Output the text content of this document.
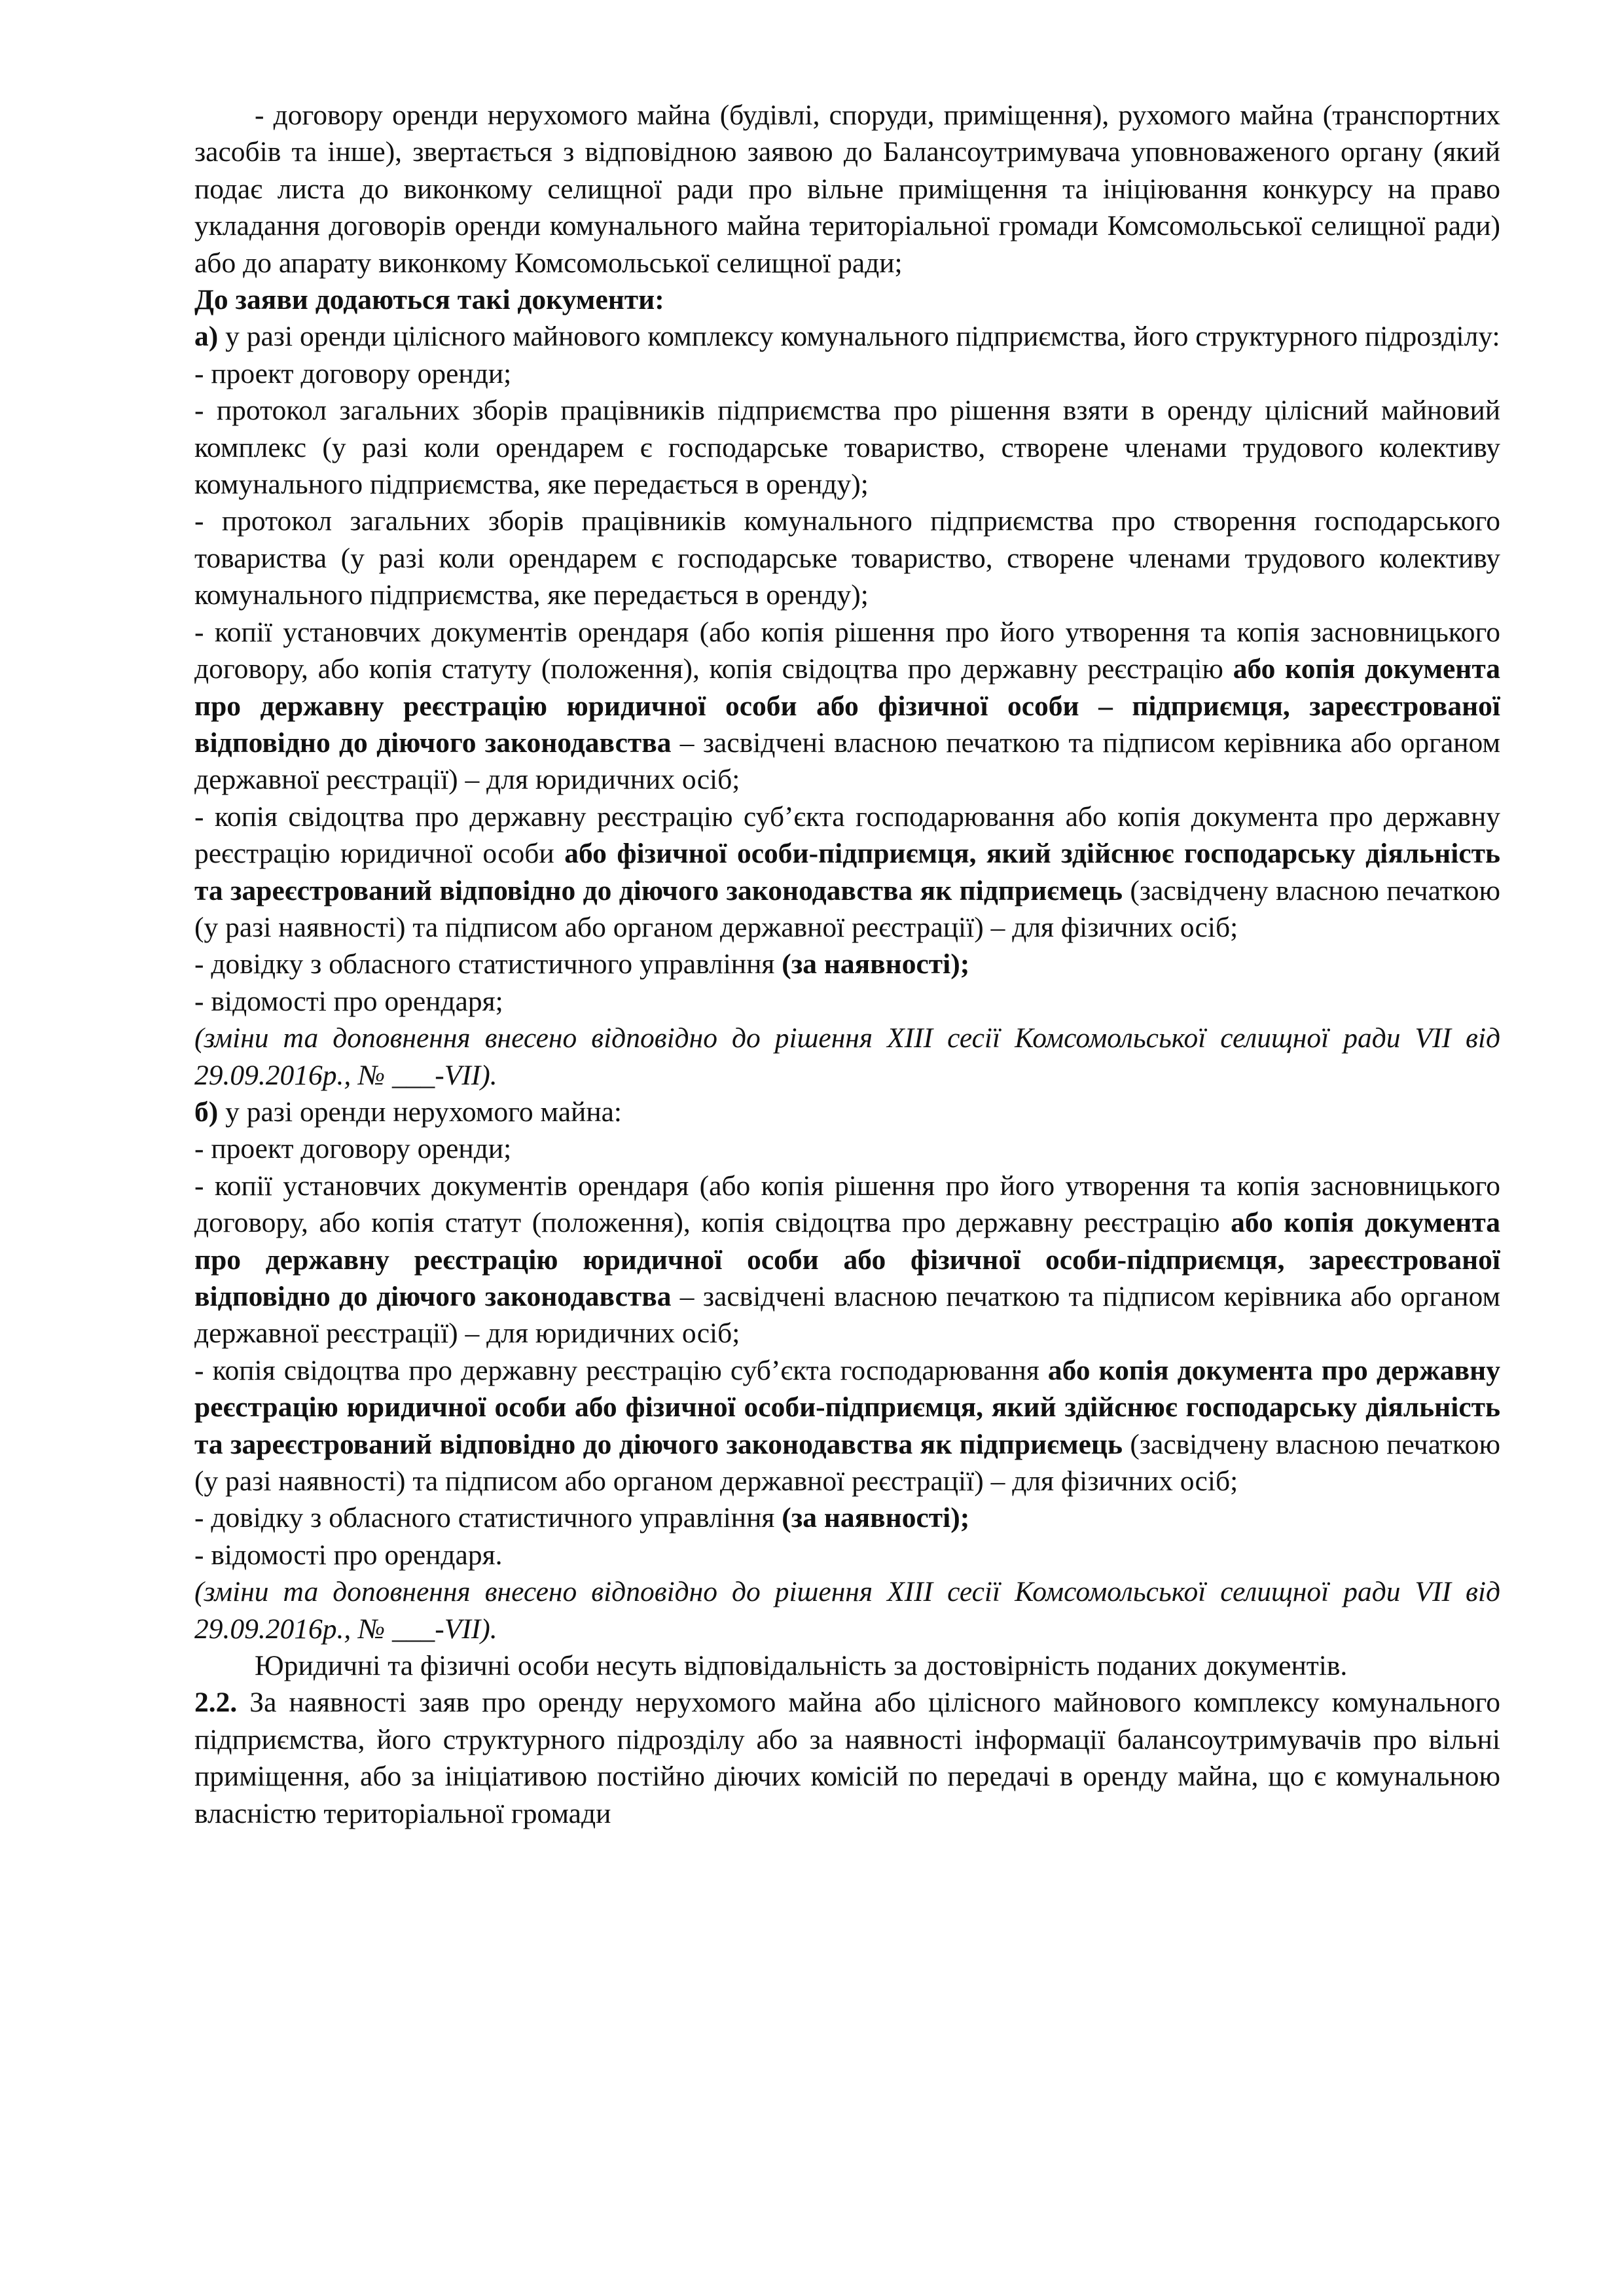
- договору оренди нерухомого майна (будівлі, споруди, приміщення), рухомого майна (транспортних засобів та інше), звертається з відповідною заявою до Балансоутримувача уповноваженого органу (який подає листа до виконкому селищної ради про вільне приміщення та ініціювання конкурсу на право укладання договорів оренди комунального майна територіальної громади Комсомольської селищної ради) або до апарату виконкому Комсомольської селищної ради;

До заяви додаються такі документи:

а) у разі оренди цілісного майнового комплексу комунального підприємства, його структурного підрозділу:

- проект договору оренди;

- протокол загальних зборів працівників підприємства про рішення взяти в оренду цілісний майновий комплекс (у разі коли орендарем є господарське товариство, створене членами трудового колективу комунального підприємства, яке передається в оренду);

- протокол загальних зборів працівників комунального підприємства про створення господарського товариства (у разі коли орендарем є господарське товариство, створене членами трудового колективу комунального підприємства, яке передається в оренду);

- копії установчих документів орендаря (або копія рішення про його утворення та копія засновницького договору, або копія статуту (положення), копія свідоцтва про державну реєстрацію або копія документа про державну реєстрацію юридичної особи або фізичної особи – підприємця, зареєстрованої відповідно до діючого законодавства – засвідчені власною печаткою та підписом керівника або органом державної реєстрації) – для юридичних осіб;

- копія свідоцтва про державну реєстрацію суб’єкта господарювання або копія документа про державну реєстрацію юридичної особи або фізичної особи-підприємця, який здійснює господарську діяльність та зареєстрований відповідно до діючого законодавства як підприємець (засвідчену власною печаткою (у разі наявності) та підписом або органом державної реєстрації) – для фізичних осіб;

- довідку з обласного статистичного управління (за наявності);

- відомості про орендаря;

(зміни та доповнення внесено відповідно до рішення XIII сесії Комсомольської селищної ради VII від 29.09.2016р., № ___-VII).

б) у разі оренди нерухомого майна:

- проект договору оренди;

- копії установчих документів орендаря (або копія рішення про його утворення та копія засновницького договору, або копія статут (положення), копія свідоцтва про державну реєстрацію або копія документа про державну реєстрацію юридичної особи або фізичної особи-підприємця, зареєстрованої відповідно до діючого законодавства – засвідчені власною печаткою та підписом керівника або органом державної реєстрації) – для юридичних осіб;

- копія свідоцтва про державну реєстрацію суб’єкта господарювання або копія документа про державну реєстрацію юридичної особи або фізичної особи-підприємця, який здійснює господарську діяльність та зареєстрований відповідно до діючого законодавства як підприємець (засвідчену власною печаткою (у разі наявності) та підписом або органом державної реєстрації) – для фізичних осіб;

- довідку з обласного статистичного управління (за наявності);

- відомості про орендаря.

(зміни та доповнення внесено відповідно до рішення XIII сесії Комсомольської селищної ради VII від 29.09.2016р., № ___-VII).

Юридичні та фізичні особи несуть відповідальність за достовірність поданих документів.

2.2. За наявності заяв про оренду нерухомого майна або цілісного майнового комплексу комунального підприємства, його структурного підрозділу або за наявності інформації балансоутримувачів про вільні приміщення, або за ініціативою постійно діючих комісій по передачі в оренду майна, що є комунальною власністю територіальної громади
